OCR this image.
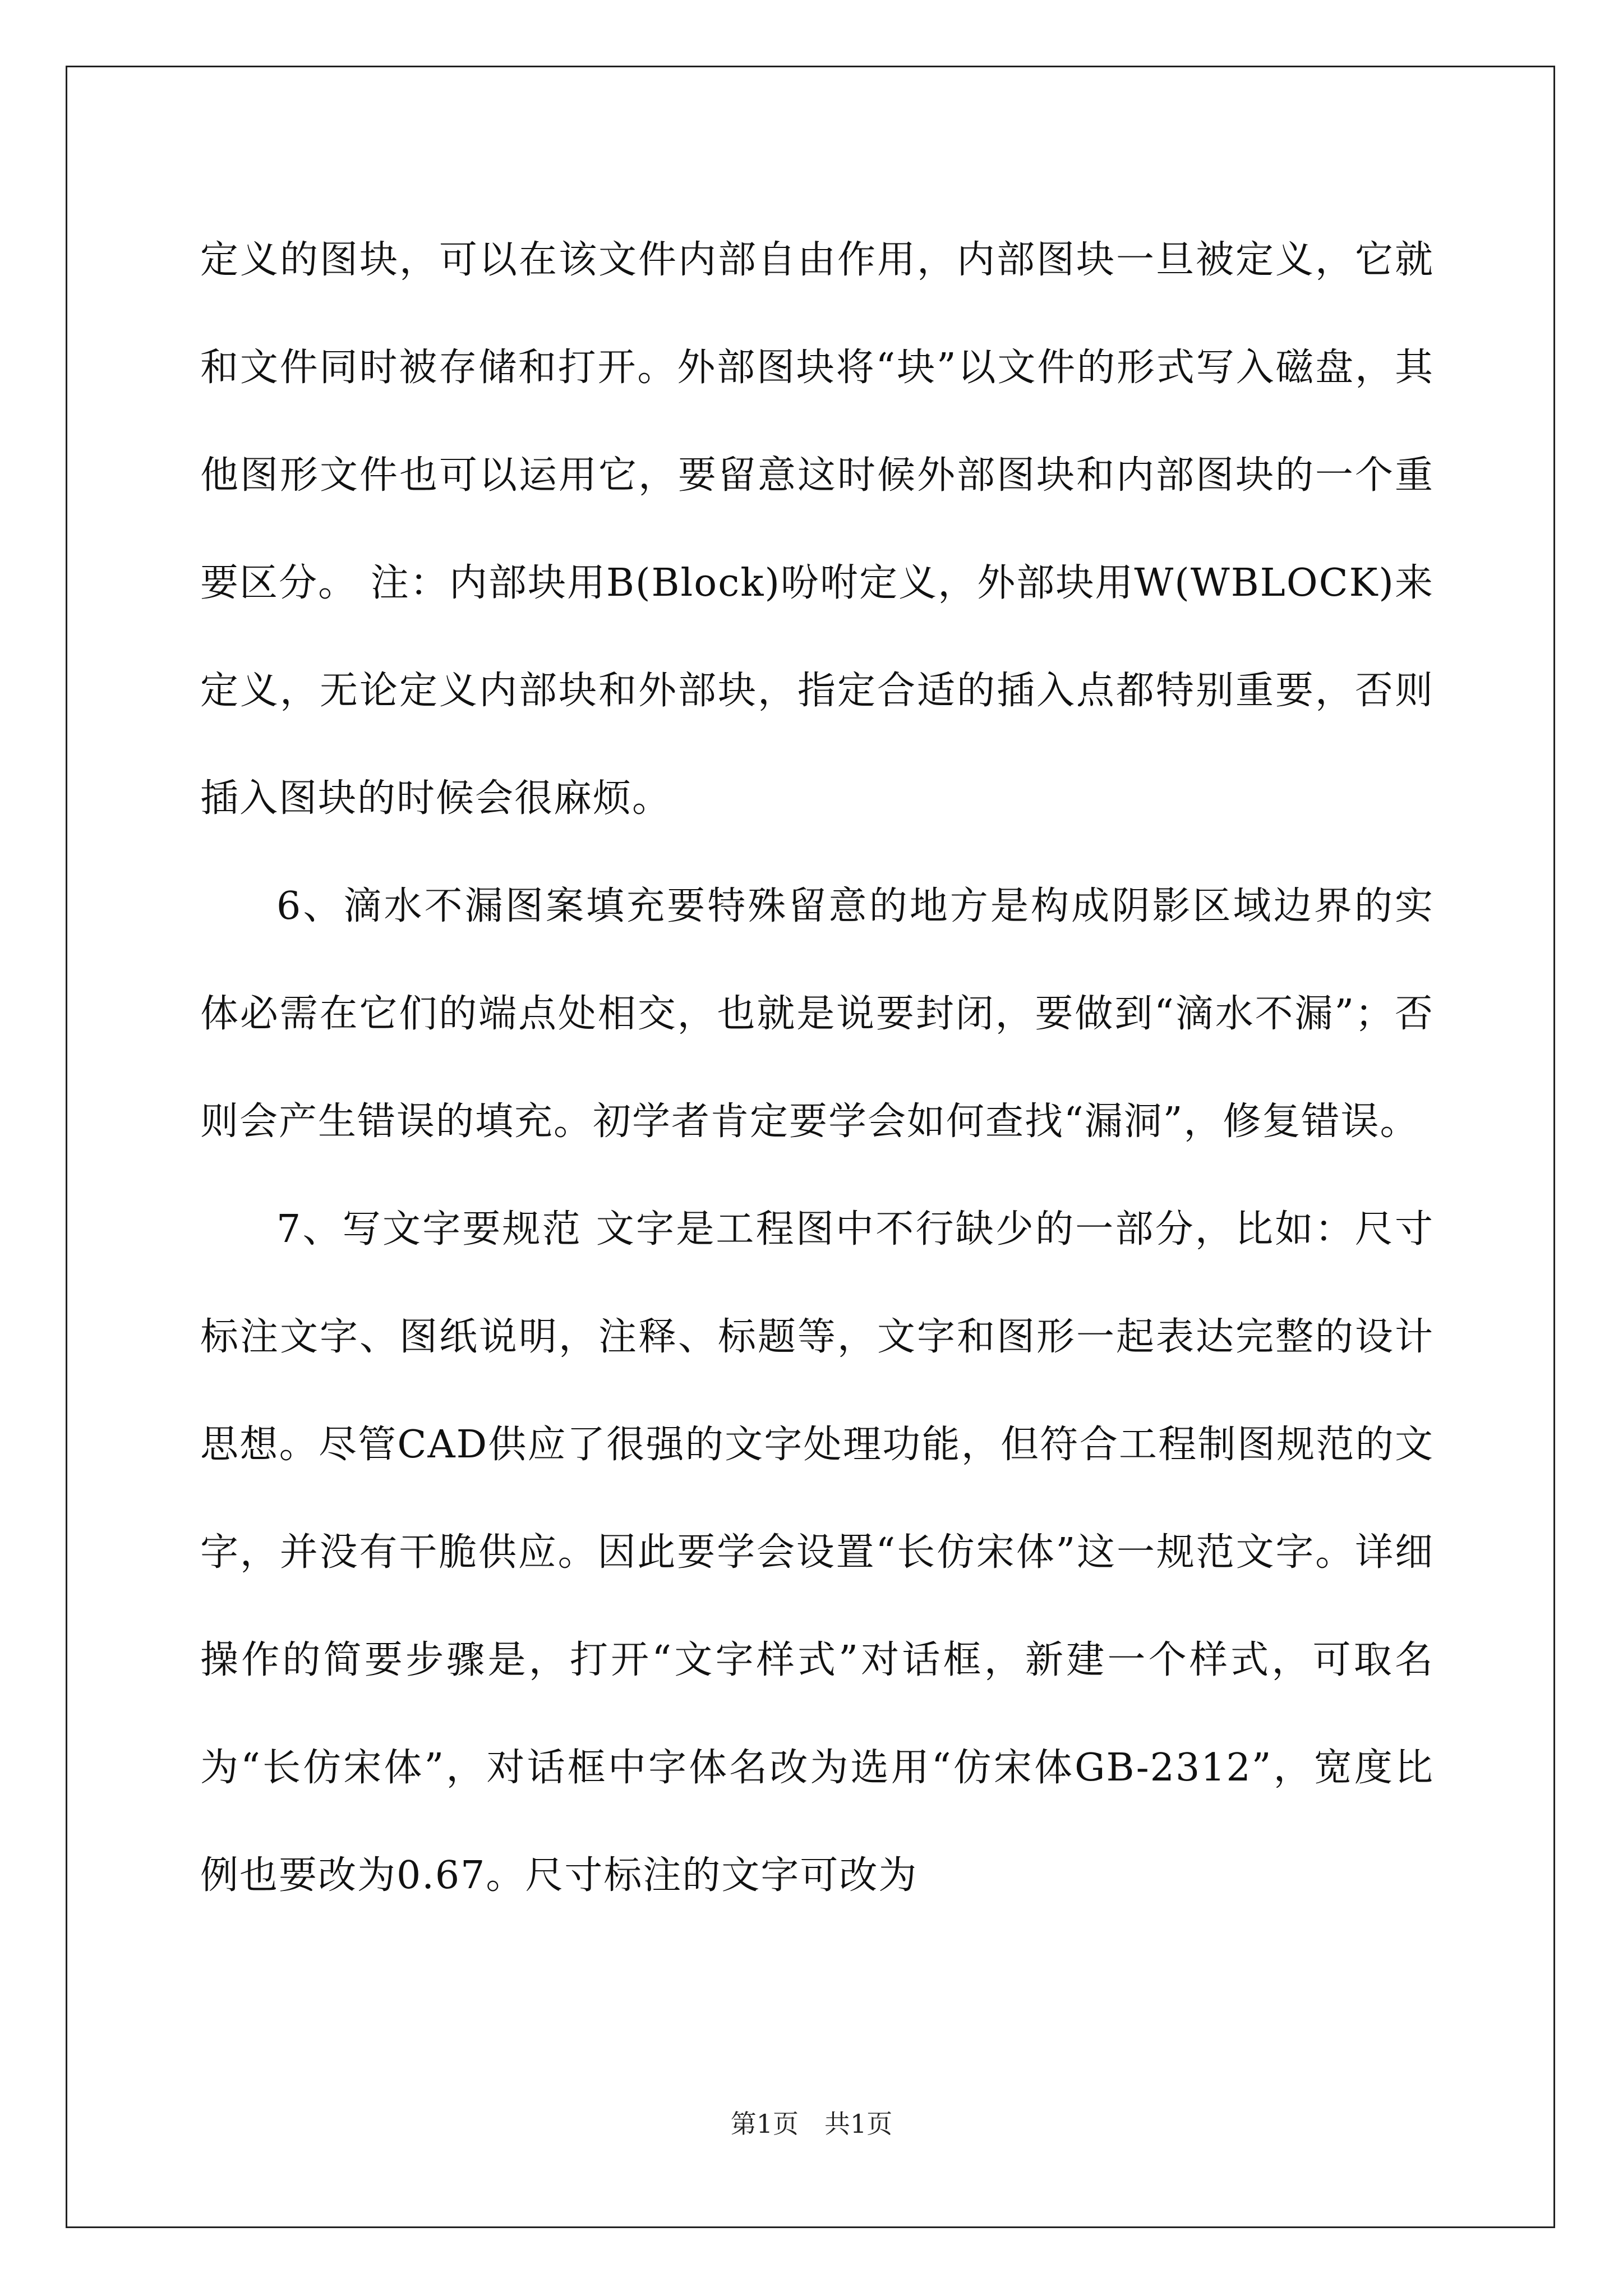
定义的图块，可以在该文件内部自由作用，内部图块一旦被定义，它就和文件同时被存储和打开。外部图块将“块”以文件的形式写入磁盘，其他图形文件也可以运用它，要留意这时候外部图块和内部图块的一个重要区分。 注：内部块用B(Block)吩咐定义，外部块用W(WBLOCK)来定义，无论定义内部块和外部块，指定合适的插入点都特别重要，否则插入图块的时候会很麻烦。

6、滴水不漏图案填充要特殊留意的地方是构成阴影区域边界的实体必需在它们的端点处相交，也就是说要封闭，要做到“滴水不漏”；否则会产生错误的填充。初学者肯定要学会如何查找“漏洞”，修复错误。

7、写文字要规范 文字是工程图中不行缺少的一部分，比如：尺寸标注文字、图纸说明，注释、标题等，文字和图形一起表达完整的设计思想。尽管CAD供应了很强的文字处理功能，但符合工程制图规范的文字，并没有干脆供应。因此要学会设置“长仿宋体”这一规范文字。详细操作的简要步骤是，打开“文字样式”对话框，新建一个样式，可取名为“长仿宋体”，对话框中字体名改为选用“仿宋体GB-2312”，宽度比例也要改为0.67。尺寸标注的文字可改为

第1页　共1页
